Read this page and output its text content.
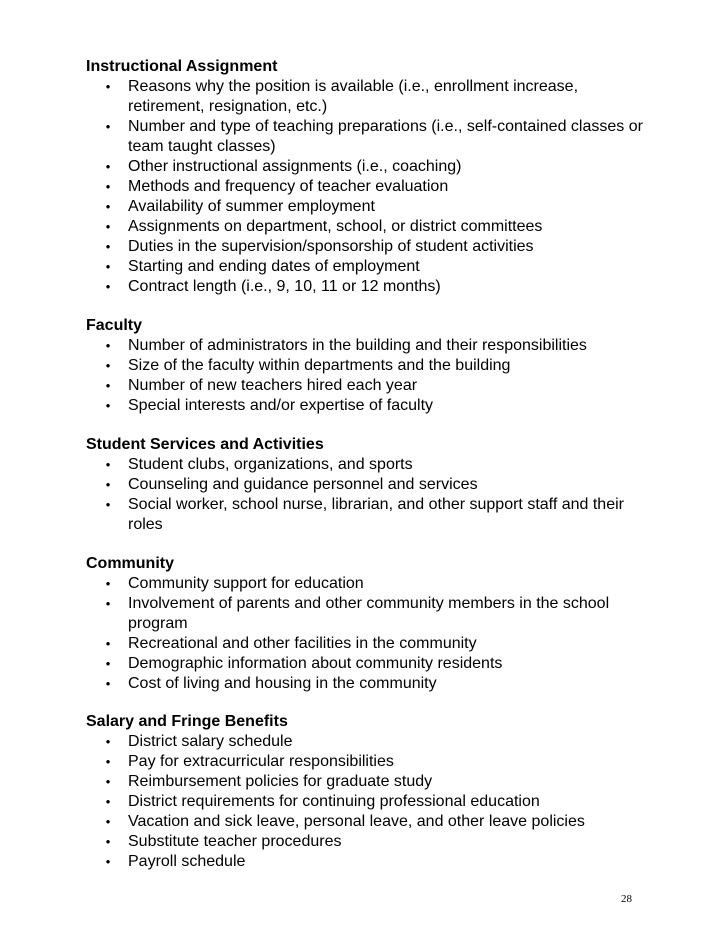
Instructional Assignment

• Reasons why the position is available (i.e., enrollment increase, retirement, resignation, etc.)
• Number and type of teaching preparations (i.e., self-contained classes or team taught classes)
• Other instructional assignments (i.e., coaching)
• Methods and frequency of teacher evaluation
• Availability of summer employment
• Assignments on department, school, or district committees
• Duties in the supervision/sponsorship of student activities
• Starting and ending dates of employment
• Contract length (i.e., 9, 10, 11 or 12 months)

Faculty

• Number of administrators in the building and their responsibilities
• Size of the faculty within departments and the building
• Number of new teachers hired each year
• Special interests and/or expertise of faculty

Student Services and Activities

• Student clubs, organizations, and sports
• Counseling and guidance personnel and services
• Social worker, school nurse, librarian, and other support staff and their roles

Community

• Community support for education
• Involvement of parents and other community members in the school program
• Recreational and other facilities in the community
• Demographic information about community residents
• Cost of living and housing in the community

Salary and Fringe Benefits

• District salary schedule
• Pay for extracurricular responsibilities
• Reimbursement policies for graduate study
• District requirements for continuing professional education
• Vacation and sick leave, personal leave, and other leave policies
• Substitute teacher procedures
• Payroll schedule
28
